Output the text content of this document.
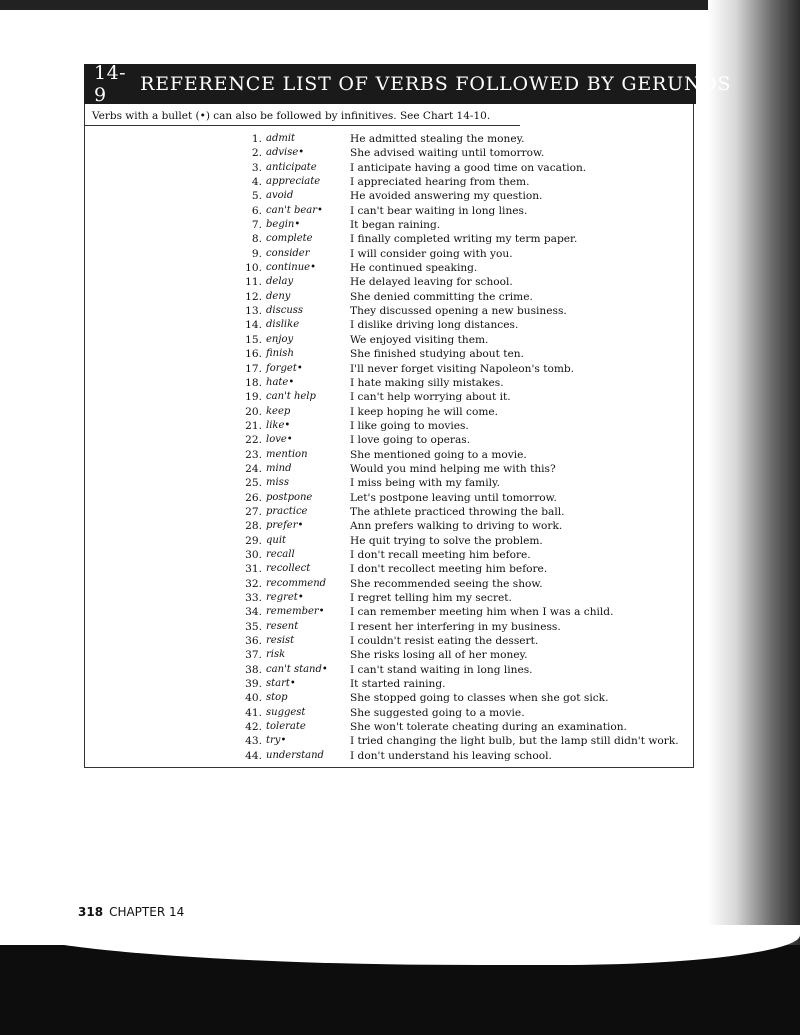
14-9	REFERENCE LIST OF VERBS FOLLOWED BY GERUNDS
Verbs with a bullet (•) can also be followed by infinitives. See Chart 14-10.
1. admit	He admitted stealing the money.
2. advise•	She advised waiting until tomorrow.
3. anticipate	I anticipate having a good time on vacation.
4. appreciate	I appreciated hearing from them.
5. avoid	He avoided answering my question.
6. can't bear•	I can't bear waiting in long lines.
7. begin•	It began raining.
8. complete	I finally completed writing my term paper.
9. consider	I will consider going with you.
10. continue•	He continued speaking.
11. delay	He delayed leaving for school.
12. deny	She denied committing the crime.
13. discuss	They discussed opening a new business.
14. dislike	I dislike driving long distances.
15. enjoy	We enjoyed visiting them.
16. finish	She finished studying about ten.
17. forget•	I'll never forget visiting Napoleon's tomb.
18. hate•	I hate making silly mistakes.
19. can't help	I can't help worrying about it.
20. keep	I keep hoping he will come.
21. like•	I like going to movies.
22. love•	I love going to operas.
23. mention	She mentioned going to a movie.
24. mind	Would you mind helping me with this?
25. miss	I miss being with my family.
26. postpone	Let's postpone leaving until tomorrow.
27. practice	The athlete practiced throwing the ball.
28. prefer•	Ann prefers walking to driving to work.
29. quit	He quit trying to solve the problem.
30. recall	I don't recall meeting him before.
31. recollect	I don't recollect meeting him before.
32. recommend She recommended seeing the show.
33. regret•	I regret telling him my secret.
34. remember• I can remember meeting him when I was a child.
35. resent	I resent her interfering in my business.
36. resist	I couldn't resist eating the dessert.
37. risk	She risks losing all of her money.
38. can't stand• I can't stand waiting in long lines.
39. start•	It started raining.
40. stop	She stopped going to classes when she got sick.
41. suggest	She suggested going to a movie.
42. tolerate	She won't tolerate cheating during an examination.
43. try•	I tried changing the light bulb, but the lamp still didn't work.
44. understand I don't understand his leaving school.
318 CHAPTER 14
